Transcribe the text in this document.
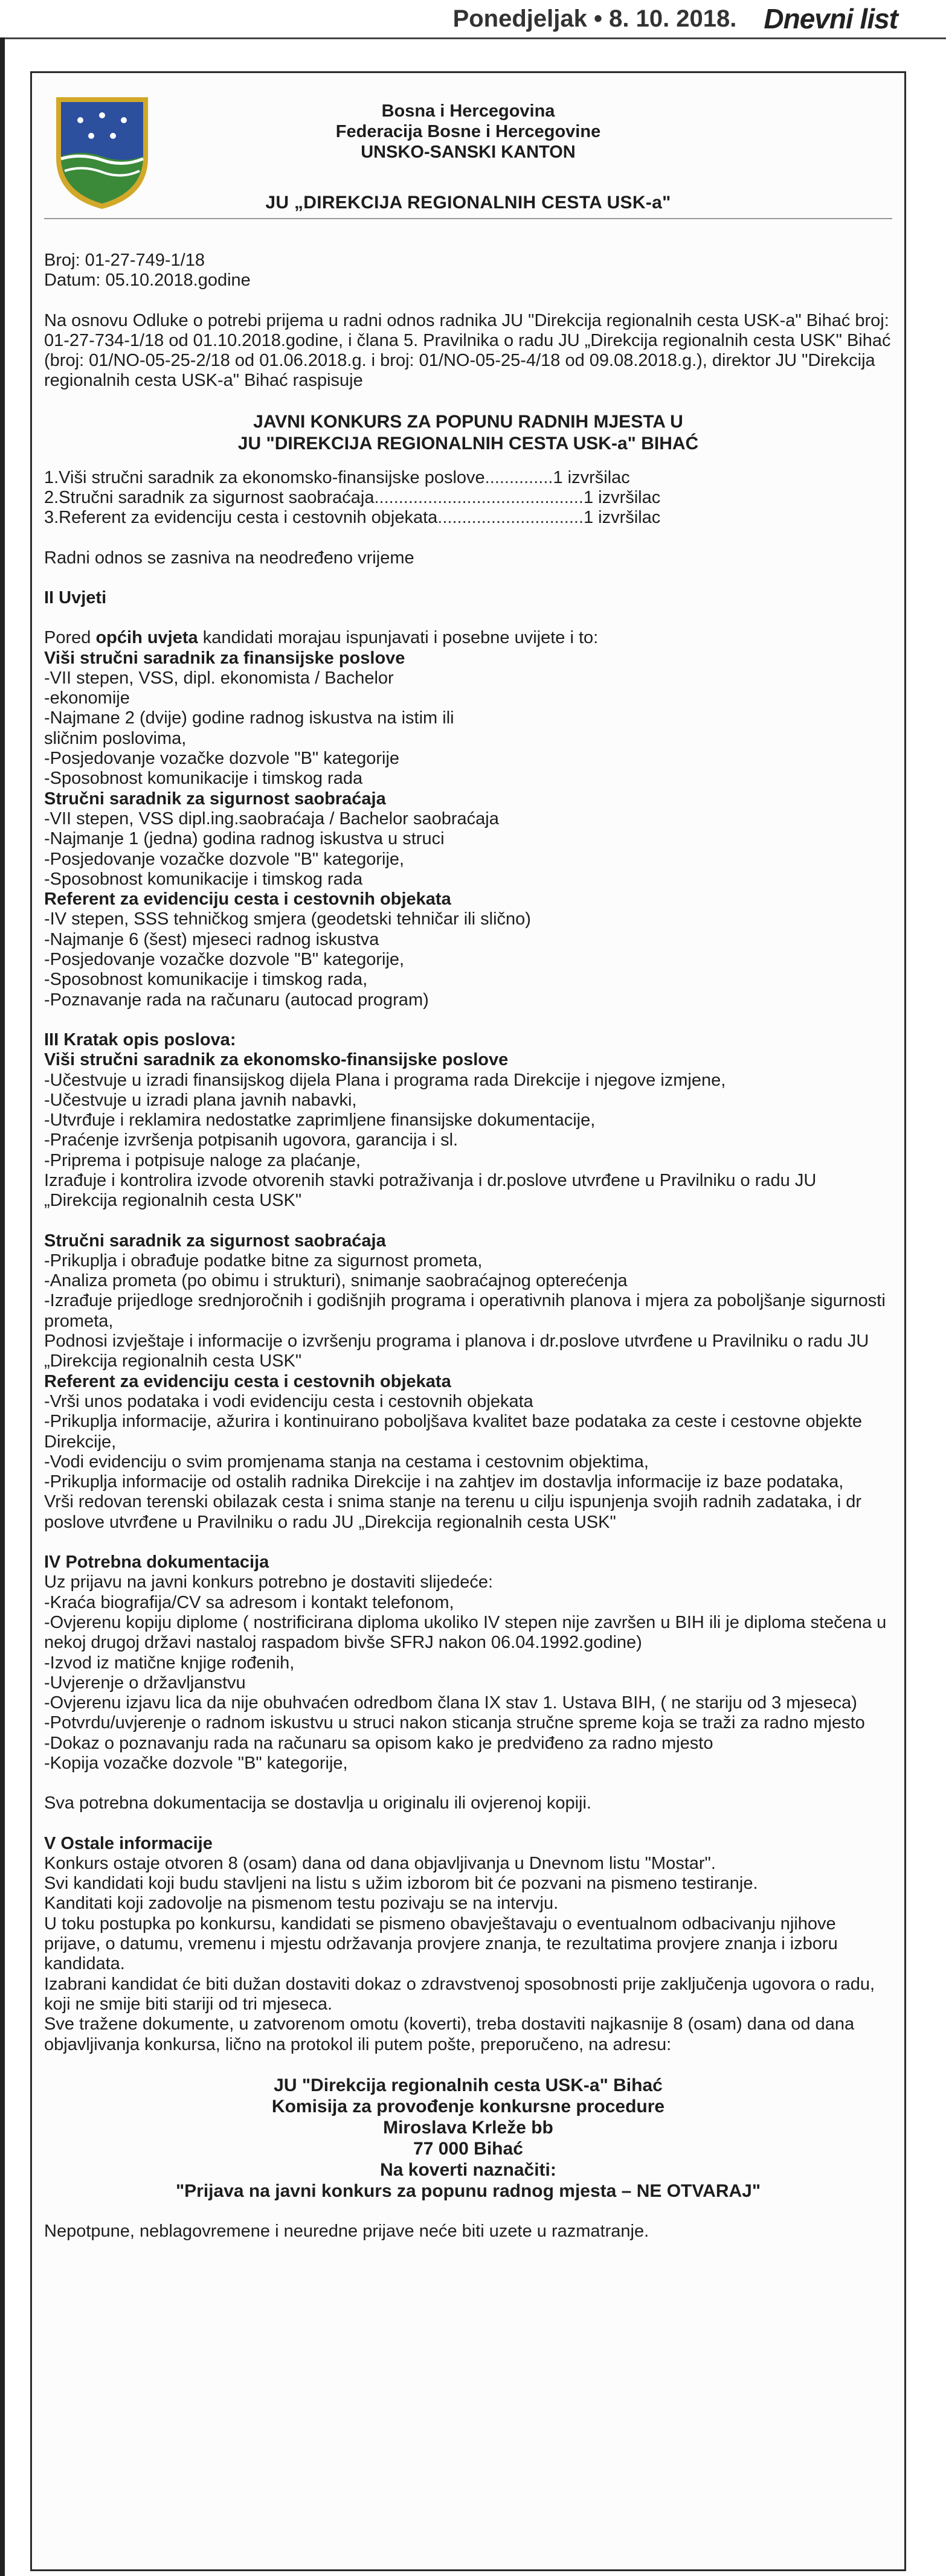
Ponedjeljak • 8. 10. 2018. Dnevni list
Bosna i Hercegovina
Federacija Bosne i Hercegovine
UNSKO-SANSKI KANTON
JU „DIREKCIJA REGIONALNIH CESTA USK-a"

Broj: 01-27-749-1/18

Datum: 05.10.2018.godine

Na osnovu Odluke o potrebi prijema u radni odnos radnika JU "Direkcija regionalnih cesta USK-a" Bihać broj: 01-27-734-1/18 od 01.10.2018.godine, i člana 5. Pravilnika o radu JU „Direkcija regionalnih cesta USK" Bihać (broj: 01/NO-05-25-2/18 od 01.06.2018.g. i broj: 01/NO-05-25-4/18 od 09.08.2018.g.), direktor JU "Direkcija regionalnih cesta USK-a" Bihać raspisuje

JAVNI KONKURS ZA POPUNU RADNIH MJESTA U
JU "DIREKCIJA REGIONALNIH CESTA USK-a" BIHAĆ
1.Viši stručni saradnik za ekonomsko-finansijske poslove .............. 1 izvršilac
2.Stručni saradnik za sigurnost saobraćaja ........................................... 1 izvršilac
3.Referent za evidenciju cesta i cestovnih objekata .............................. 1 izvršilac

Radni odnos se zasniva na neodređeno vrijeme

II Uvjeti

Pored općih uvjeta kandidati morajau ispunjavati i posebne uvijete i to:

Viši stručni saradnik za finansijske poslove

-VII stepen, VSS, dipl. ekonomista / Bachelor

-ekonomije

-Najmane 2 (dvije) godine radnog iskustva na istim ili

sličnim poslovima,

-Posjedovanje vozačke dozvole "B" kategorije

-Sposobnost komunikacije i timskog rada

Stručni saradnik za sigurnost saobraćaja

-VII stepen, VSS dipl.ing.saobraćaja / Bachelor saobraćaja

-Najmanje 1 (jedna) godina radnog iskustva u struci

-Posjedovanje vozačke dozvole "B" kategorije,

-Sposobnost komunikacije i timskog rada

Referent za evidenciju cesta i cestovnih objekata

-IV stepen, SSS tehničkog smjera (geodetski tehničar ili slično)

-Najmanje 6 (šest) mjeseci radnog iskustva

-Posjedovanje vozačke dozvole "B" kategorije,

-Sposobnost komunikacije i timskog rada,

-Poznavanje rada na računaru (autocad program)

III Kratak opis poslova:

Viši stručni saradnik za ekonomsko-finansijske poslove

-Učestvuje u izradi finansijskog dijela Plana i programa rada Direkcije i njegove izmjene,

-Učestvuje u izradi plana javnih nabavki,

-Utvrđuje i reklamira nedostatke zaprimljene finansijske dokumentacije,

-Praćenje izvršenja potpisanih ugovora, garancija i sl.

-Priprema i potpisuje naloge za plaćanje,

Izrađuje i kontrolira izvode otvorenih stavki potraživanja i dr.poslove utvrđene u Pravilniku o radu JU „Direkcija regionalnih cesta USK"

Stručni saradnik za sigurnost saobraćaja

-Prikuplja i obrađuje podatke bitne za sigurnost prometa,

-Analiza prometa (po obimu i strukturi), snimanje saobraćajnog opterećenja

-Izrađuje prijedloge srednjoročnih i godišnjih programa i operativnih planova i mjera za poboljšanje sigurnosti prometa,

Podnosi izvještaje i informacije o izvršenju programa i planova i dr.poslove utvrđene u Pravilniku o radu JU „Direkcija regionalnih cesta USK"

Referent za evidenciju cesta i cestovnih objekata

-Vrši unos podataka i vodi evidenciju cesta i cestovnih objekata

-Prikuplja informacije, ažurira i kontinuirano poboljšava kvalitet baze podataka za ceste i cestovne objekte Direkcije,

-Vodi evidenciju o svim promjenama stanja na cestama i cestovnim objektima,

-Prikuplja informacije od ostalih radnika Direkcije i na zahtjev im dostavlja informacije iz baze podataka,

Vrši redovan terenski obilazak cesta i snima stanje na terenu u cilju ispunjenja svojih radnih zadataka, i dr poslove utvrđene u Pravilniku o radu JU „Direkcija regionalnih cesta USK"

IV Potrebna dokumentacija

Uz prijavu na javni konkurs potrebno je dostaviti slijedeće:

-Kraća biografija/CV sa adresom i kontakt telefonom,

-Ovjerenu kopiju diplome ( nostrificirana diploma ukoliko IV stepen nije završen u BIH ili je diploma stečena u nekoj drugoj državi nastaloj raspadom bivše SFRJ nakon 06.04.1992.godine)

-Izvod iz matične knjige rođenih,

-Uvjerenje o državljanstvu

-Ovjerenu izjavu lica da nije obuhvaćen odredbom člana IX stav 1. Ustava BIH, ( ne stariju od 3 mjeseca)

-Potvrdu/uvjerenje o radnom iskustvu u struci nakon sticanja stručne spreme koja se traži za radno mjesto

-Dokaz o poznavanju rada na računaru sa opisom kako je predviđeno za radno mjesto

-Kopija vozačke dozvole "B" kategorije,

Sva potrebna dokumentacija se dostavlja u originalu ili ovjerenoj kopiji.

V Ostale informacije

Konkurs ostaje otvoren 8 (osam) dana od dana objavljivanja u Dnevnom listu "Mostar".

Svi kandidati koji budu stavljeni na listu s užim izborom bit će pozvani na pismeno testiranje.

Kanditati koji zadovolje na pismenom testu pozivaju se na intervju.

U toku postupka po konkursu, kandidati se pismeno obavještavaju o eventualnom odbacivanju njihove prijave, o datumu, vremenu i mjestu održavanja provjere znanja, te rezultatima provjere znanja i izboru kandidata.

Izabrani kandidat će biti dužan dostaviti dokaz o zdravstvenoj sposobnosti prije zaključenja ugovora o radu, koji ne smije biti stariji od tri mjeseca.

Sve tražene dokumente, u zatvorenom omotu (koverti), treba dostaviti najkasnije 8 (osam) dana od dana objavljivanja konkursa, lično na protokol ili putem pošte, preporučeno, na adresu:

JU "Direkcija regionalnih cesta USK-a" Bihać
Komisija za provođenje konkursne procedure
Miroslava Krleže bb
77 000 Bihać
Na koverti naznačiti:
"Prijava na javni konkurs za popunu radnog mjesta – NE OTVARAJ"

Nepotpune, neblagovremene i neuredne prijave neće biti uzete u razmatranje.
